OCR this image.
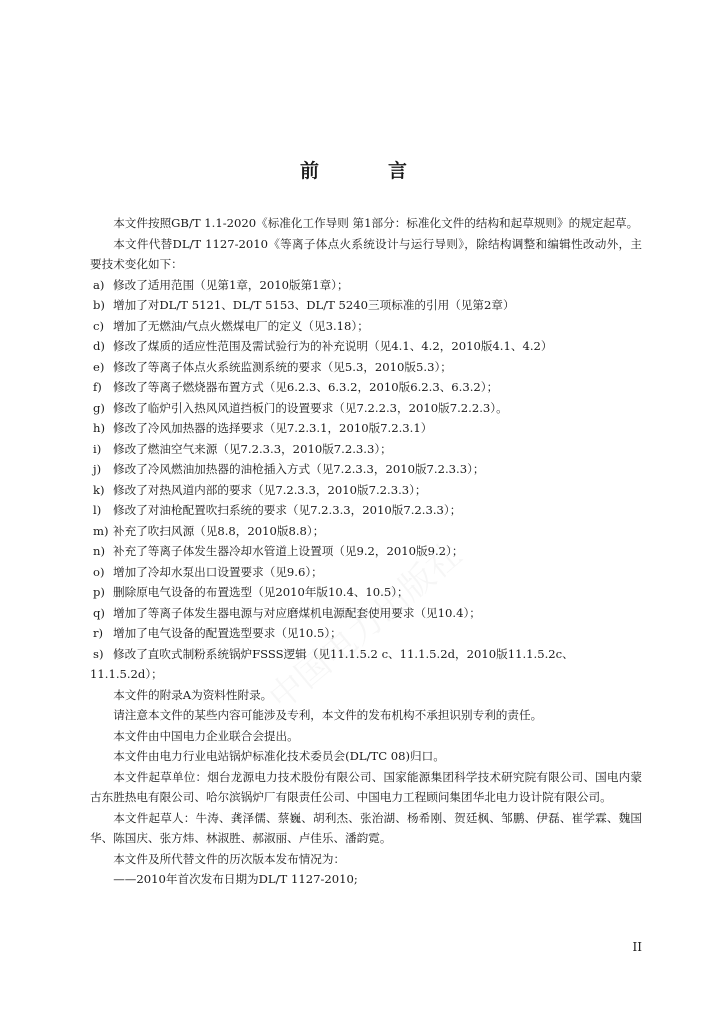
前	言

本文件按照GB/T 1.1-2020《标准化工作导则 第1部分：标准化文件的结构和起草规则》的规定起草。

本文件代替DL/T 1127-2010《等离子体点火系统设计与运行导则》，除结构调整和编辑性改动外，主要技术变化如下：

a) 修改了适用范围（见第1章，2010版第1章）；

b) 增加了对DL/T 5121、DL/T 5153、DL/T 5240三项标准的引用（见第2章）

c) 增加了无燃油/气点火燃煤电厂的定义（见3.18）；

d) 修改了煤质的适应性范围及需试验行为的补充说明（见4.1、4.2，2010版4.1、4.2）

e) 修改了等离子体点火系统监测系统的要求（见5.3，2010版5.3）；

f) 修改了等离子燃烧器布置方式（见6.2.3、6.3.2，2010版6.2.3、6.3.2）；

g) 修改了临炉引入热风风道挡板门的设置要求（见7.2.2.3，2010版7.2.2.3）。

h) 修改了冷风加热器的选择要求（见7.2.3.1，2010版7.2.3.1）

i) 修改了燃油空气来源（见7.2.3.3，2010版7.2.3.3）；

j) 修改了冷风燃油加热器的油枪插入方式（见7.2.3.3，2010版7.2.3.3）；

k) 修改了对热风道内部的要求（见7.2.3.3，2010版7.2.3.3）；

l) 修改了对油枪配置吹扫系统的要求（见7.2.3.3，2010版7.2.3.3）；

m) 补充了吹扫风源（见8.8，2010版8.8）；

n) 补充了等离子体发生器冷却水管道上设置项（见9.2，2010版9.2）；

o) 增加了冷却水泵出口设置要求（见9.6）；

p) 删除原电气设备的布置选型（见2010年版10.4、10.5）；

q) 增加了等离子体发生器电源与对应磨煤机电源配套使用要求（见10.4）；

r) 增加了电气设备的配置选型要求（见10.5）；

s) 修改了直吹式制粉系统锅炉FSSS逻辑（见11.1.5.2 c、11.1.5.2d，2010版11.1.5.2c、

11.1.5.2d）；

本文件的附录A为资料性附录。

请注意本文件的某些内容可能涉及专利，本文件的发布机构不承担识别专利的责任。

本文件由中国电力企业联合会提出。

本文件由电力行业电站锅炉标准化技术委员会(DL/TC 08)归口。

本文件起草单位：烟台龙源电力技术股份有限公司、国家能源集团科学技术研究院有限公司、国电内蒙古东胜热电有限公司、哈尔滨锅炉厂有限责任公司、中国电力工程顾问集团华北电力设计院有限公司。

本文件起草人：牛涛、龚泽儒、蔡巍、胡利杰、张治湖、杨希刚、贺廷枫、邹鹏、伊磊、崔学霖、魏国华、陈国庆、张方炜、林淑胜、郝淑丽、卢佳乐、潘韵霓。

本文件及所代替文件的历次版本发布情况为：

——2010年首次发布日期为DL/T 1127-2010;

II
